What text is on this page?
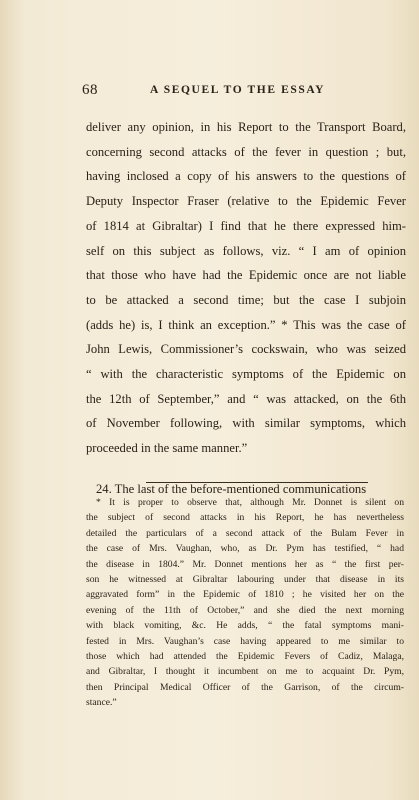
68	A SEQUEL TO THE ESSAY
deliver any opinion, in his Report to the Transport Board,
concerning second attacks of the fever in question ; but,
having inclosed a copy of his answers to the questions of
Deputy Inspector Fraser (relative to the Epidemic Fever
of 1814 at Gibraltar) I find that he there expressed him-
self on this subject as follows, viz. “ I am of opinion
that those who have had the Epidemic once are not liable
to be attacked a second time; but the case I subjoin
(adds he) is, I think an exception.” * This was the case of
John Lewis, Commissioner’s cockswain, who was seized
“ with the characteristic symptoms of the Epidemic on
the 12th of September,” and “ was attacked, on the 6th
of November following, with similar symptoms, which
proceeded in the same manner.”
24. The last of the before-mentioned communications
* It is proper to observe that, although Mr. Donnet is silent on
the subject of second attacks in his Report, he has nevertheless
detailed the particulars of a second attack of the Bulam Fever in
the case of Mrs. Vaughan, who, as Dr. Pym has testified, “ had
the disease in 1804.” Mr. Donnet mentions her as “ the first per-
son he witnessed at Gibraltar labouring under that disease in its
aggravated form” in the Epidemic of 1810 ; he visited her on the
evening of the 11th of October,” and she died the next morning
with black vomiting, &c. He adds, “ the fatal symptoms mani-
fested in Mrs. Vaughan’s case having appeared to me similar to
those which had attended the Epidemic Fevers of Cadiz, Malaga,
and Gibraltar, I thought it incumbent on me to acquaint Dr. Pym,
then Principal Medical Officer of the Garrison, of the circum-
stance.”
